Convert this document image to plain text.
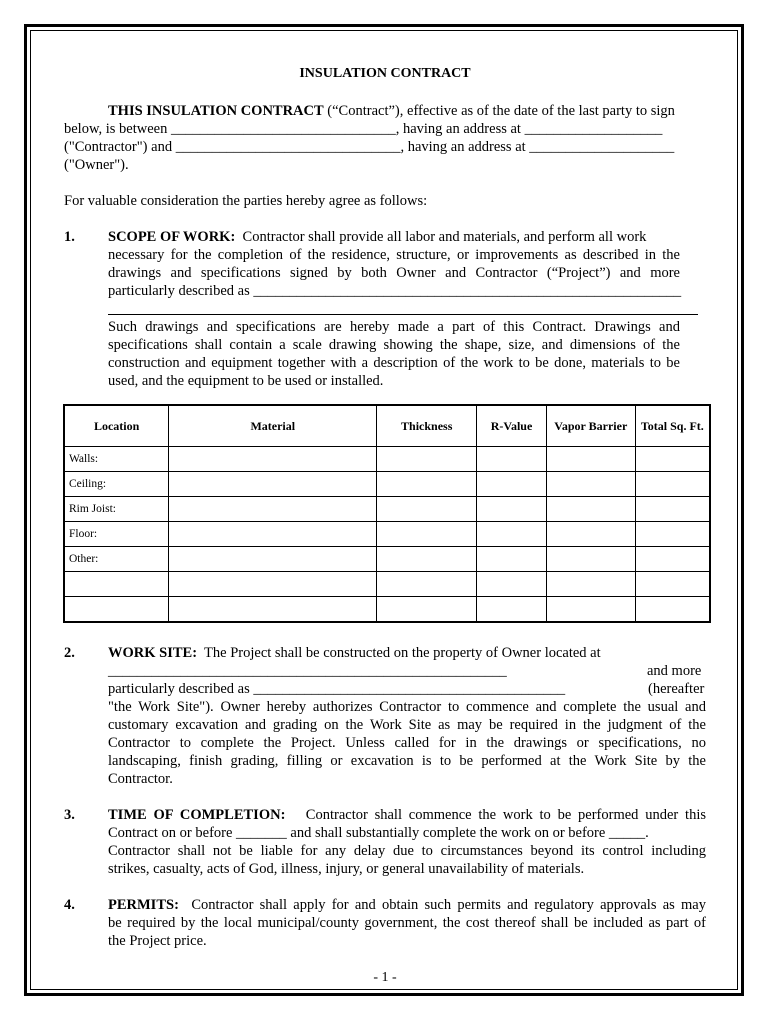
INSULATION CONTRACT
THIS INSULATION CONTRACT (“Contract”), effective as of the date of the last party to sign
below, is between _______________________________, having an address at ___________________
("Contractor") and _______________________________, having an address at ____________________
("Owner").
For valuable consideration the parties hereby agree as follows:
1. SCOPE OF WORK: Contractor shall provide all labor and materials, and perform all work
necessary for the completion of the residence, structure, or improvements as described in the
drawings and specifications signed by both Owner and Contractor (“Project”) and more
particularly described as ___________________________________________________________
Such drawings and specifications are hereby made a part of this Contract. Drawings and
specifications shall contain a scale drawing showing the shape, size, and dimensions of the
construction and equipment together with a description of the work to be done, materials to be
used, and the equipment to be used or installed.
Location	Material	Thickness	R-Value	Vapor Barrier	Total Sq. Ft.
Walls:					
Ceiling:					
Rim Joist:					
Floor:					
Other:					

2. WORK SITE: The Project shall be constructed on the property of Owner located at
_______________________________________________________	and more
particularly described as ___________________________________________	(hereafter
"the Work Site"). Owner hereby authorizes Contractor to commence and complete the usual and
customary excavation and grading on the Work Site as may be required in the judgment of the
Contractor to complete the Project. Unless called for in the drawings or specifications, no
landscaping, finish grading, filling or excavation is to be performed at the Work Site by the
Contractor.
3. TIME OF COMPLETION: Contractor shall commence the work to be performed under this
Contract on or before _______ and shall substantially complete the work on or before _____.
Contractor shall not be liable for any delay due to circumstances beyond its control including
strikes, casualty, acts of God, illness, injury, or general unavailability of materials.
4. PERMITS: Contractor shall apply for and obtain such permits and regulatory approvals as may
be required by the local municipal/county government, the cost thereof shall be included as part of
the Project price.
- 1 -
